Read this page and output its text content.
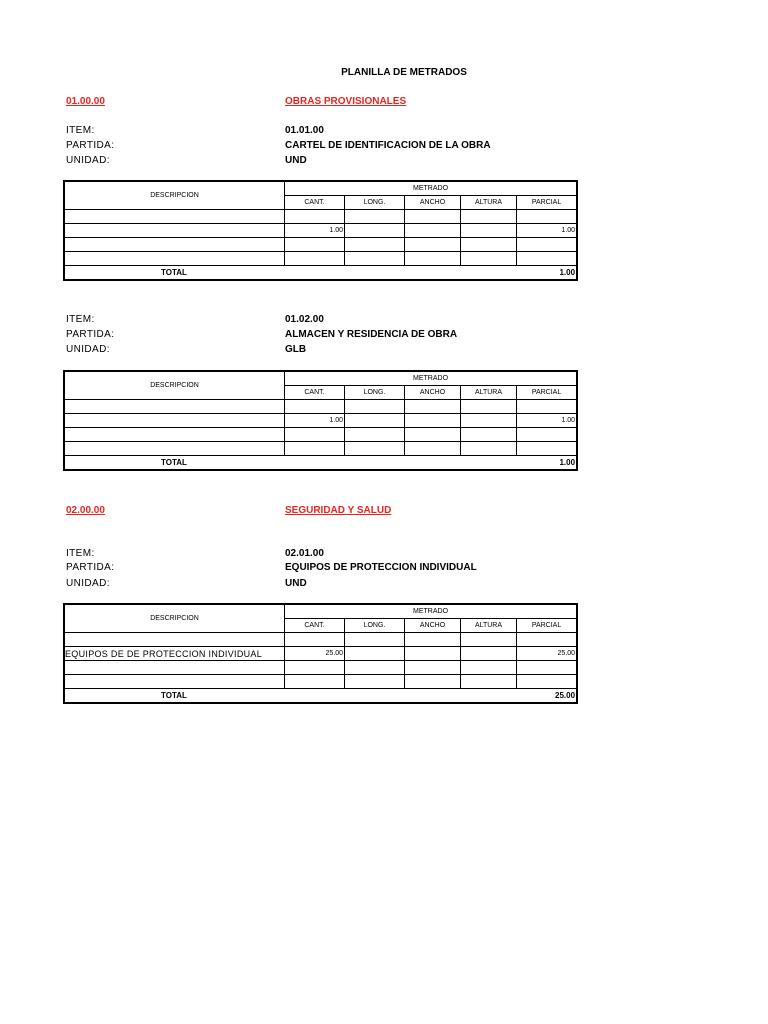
PLANILLA DE METRADOS
01.00.00	OBRAS PROVISIONALES
ITEM:	01.01.00
PARTIDA:	CARTEL DE IDENTIFICACION DE LA OBRA
UNIDAD:	UND
DESCRIPCION	METRADO				
	CANT.	LONG.	ANCHO	ALTURA	PARCIAL

	1.00				1.00

TOTAL					1.00
ITEM:	01.02.00
PARTIDA:	ALMACEN Y RESIDENCIA DE OBRA
UNIDAD:	GLB
DESCRIPCION	METRADO				
	CANT.	LONG.	ANCHO	ALTURA	PARCIAL

	1.00				1.00

TOTAL					1.00
02.00.00	SEGURIDAD Y SALUD
ITEM:	02.01.00
PARTIDA:	EQUIPOS DE PROTECCION INDIVIDUAL
UNIDAD:	UND
DESCRIPCION	METRADO				
	CANT.	LONG.	ANCHO	ALTURA	PARCIAL

EQUIPOS DE DE PROTECCION INDIVIDUAL	25.00				25.00

TOTAL					25.00
